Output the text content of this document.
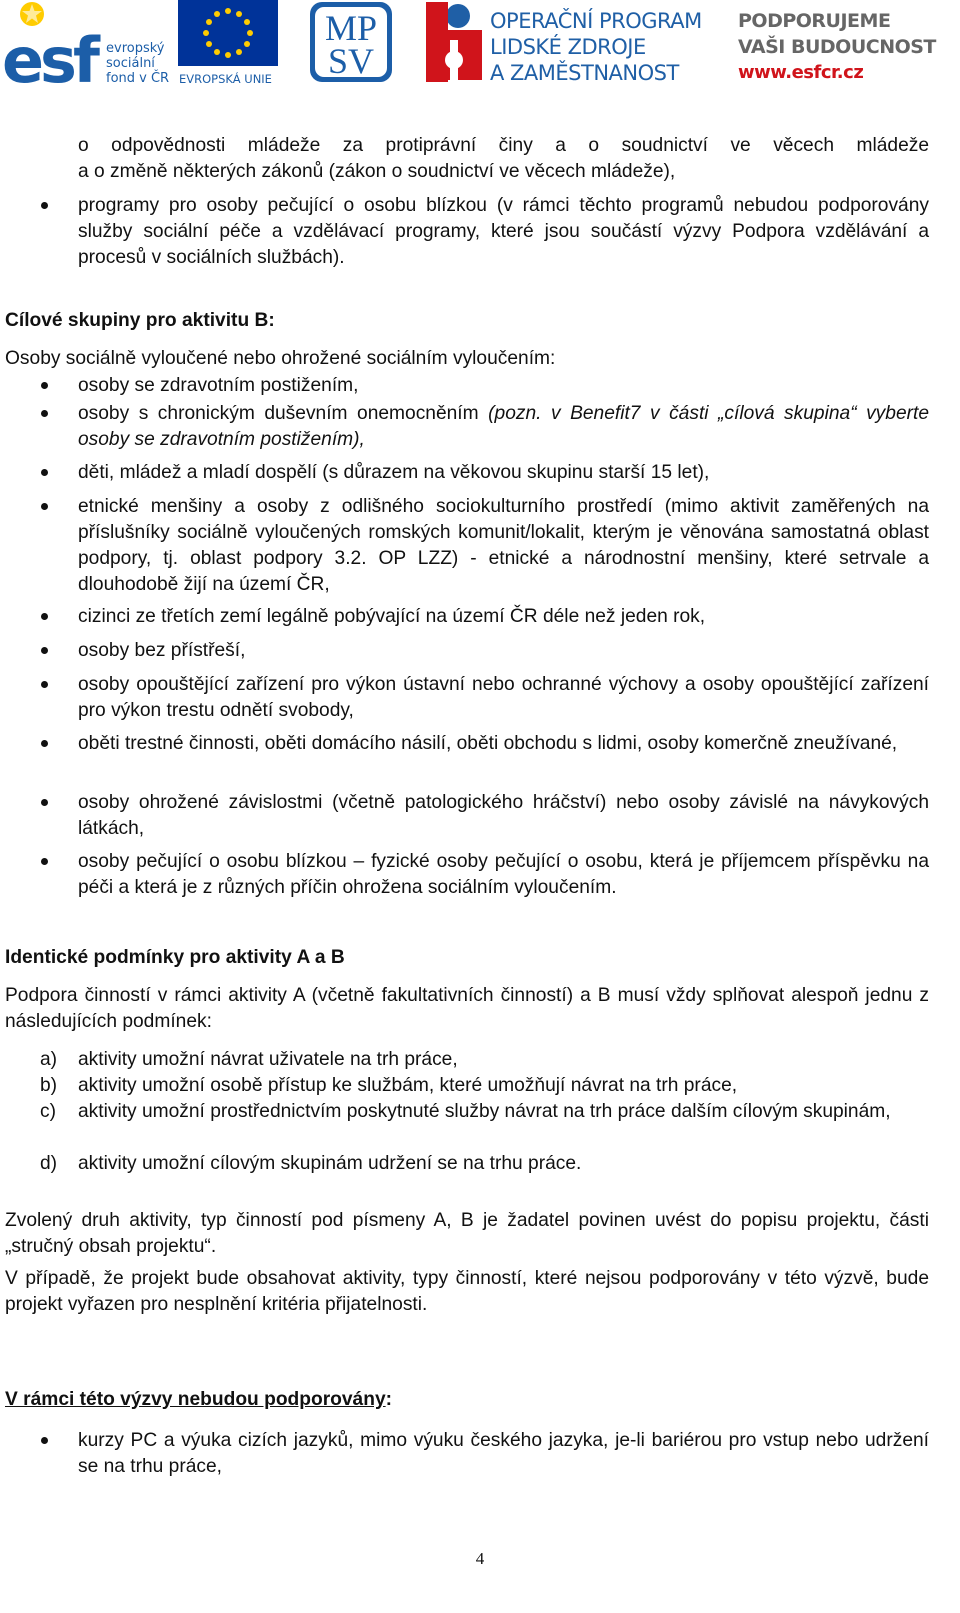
esf evropský
sociální
fond v ČR EVROPSKÁ UNIE
MP
SV
OPERAČNÍ PROGRAM
LIDSKÉ ZDROJE
A ZAMĚSTNANOST
PODPORUJEME
VAŠI BUDOUCNOST
www.esfcr.cz
o odpovědnosti mládeže za protiprávní činy a o soudnictví ve věcech mládeže
a o změně některých zákonů (zákon o soudnictví ve věcech mládeže),
programy pro osoby pečující o osobu blízkou (v rámci těchto programů nebudou podporovány služby sociální péče a vzdělávací programy, které jsou součástí výzvy Podpora vzdělávání a procesů v sociálních službách).
Cílové skupiny pro aktivitu B:
Osoby sociálně vyloučené nebo ohrožené sociálním vyloučením:
osoby se zdravotním postižením,
osoby s chronickým duševním onemocněním (pozn. v Benefit7 v části „cílová skupina“ vyberte osoby se zdravotním postižením),
děti, mládež a mladí dospělí (s důrazem na věkovou skupinu starší 15 let),
etnické menšiny a osoby z odlišného sociokulturního prostředí (mimo aktivit zaměřených na příslušníky sociálně vyloučených romských komunit/lokalit, kterým je věnována samostatná oblast podpory, tj. oblast podpory 3.2. OP LZZ) - etnické a národnostní menšiny, které setrvale a dlouhodobě žijí na území ČR,
cizinci ze třetích zemí legálně pobývající na území ČR déle než jeden rok,
osoby bez přístřeší,
osoby opouštějící zařízení pro výkon ústavní nebo ochranné výchovy a osoby opouštějící zařízení pro výkon trestu odnětí svobody,
oběti trestné činnosti, oběti domácího násilí, oběti obchodu s lidmi, osoby komerčně zneužívané,
osoby ohrožené závislostmi (včetně patologického hráčství) nebo osoby závislé na návykových látkách,
osoby pečující o osobu blízkou – fyzické osoby pečující o osobu, která je příjemcem příspěvku na péči a která je z různých příčin ohrožena sociálním vyloučením.
Identické podmínky pro aktivity A a B
Podpora činností v rámci aktivity A (včetně fakultativních činností) a B musí vždy splňovat alespoň jednu z následujících podmínek:
a) aktivity umožní návrat uživatele na trh práce,
b) aktivity umožní osobě přístup ke službám, které umožňují návrat na trh práce,
c) aktivity umožní prostřednictvím poskytnuté služby návrat na trh práce dalším cílovým skupinám,
d) aktivity umožní cílovým skupinám udržení se na trhu práce.
Zvolený druh aktivity, typ činností pod písmeny A, B je žadatel povinen uvést do popisu projektu, části „stručný obsah projektu“.
V případě, že projekt bude obsahovat aktivity, typy činností, které nejsou podporovány v této výzvě, bude projekt vyřazen pro nesplnění kritéria přijatelnosti.
V rámci této výzvy nebudou podporovány:
kurzy PC a výuka cizích jazyků, mimo výuku českého jazyka, je-li bariérou pro vstup nebo udržení se na trhu práce,
4
